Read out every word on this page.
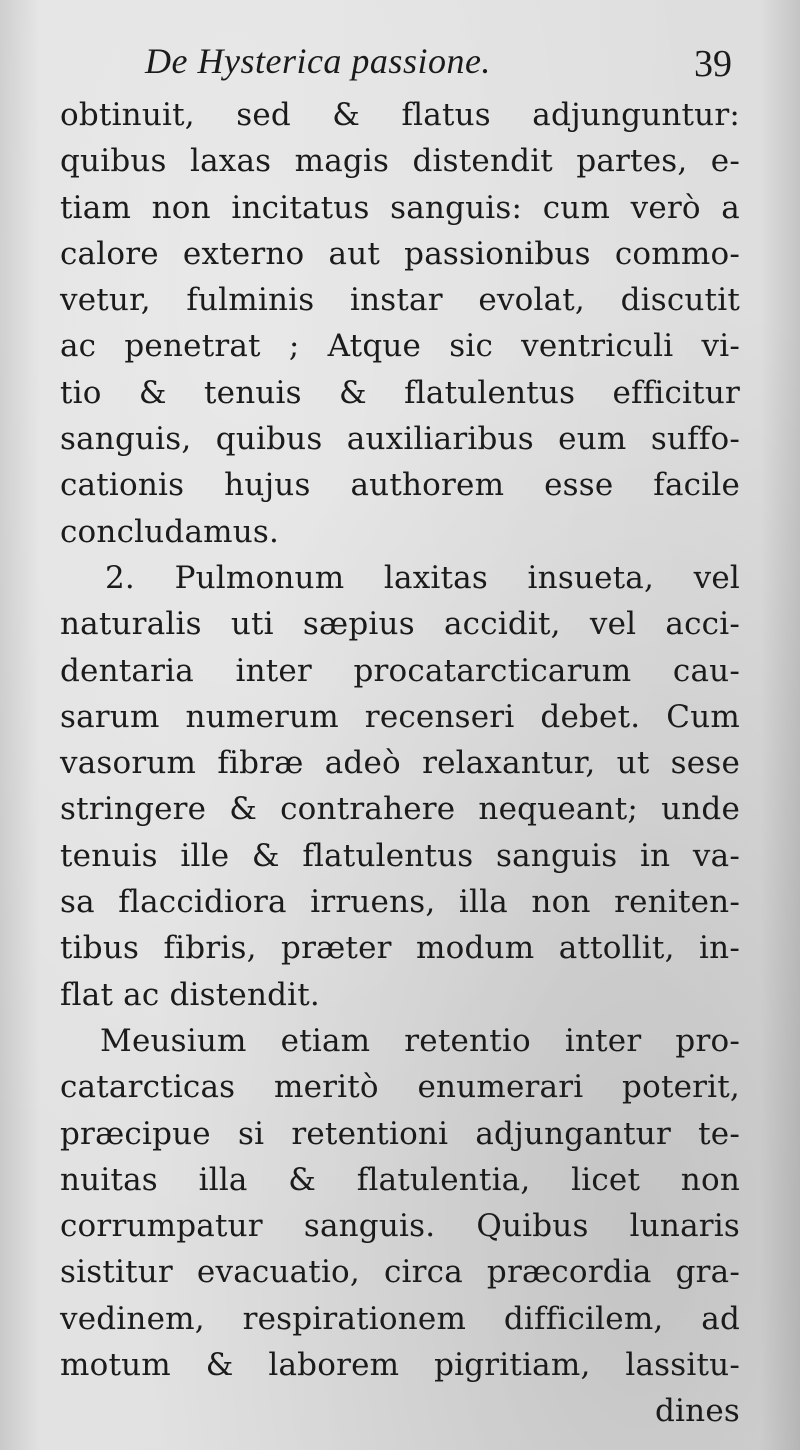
De Hysterica passione.	39
obtinuit, sed & flatus adjunguntur:
quibus laxas magis distendit partes, e-
tiam non incitatus sanguis: cum verò a
calore externo aut passionibus commo-
vetur, fulminis instar evolat, discutit
ac penetrat ; Atque sic ventriculi vi-
tio & tenuis & flatulentus efficitur
sanguis, quibus auxiliaribus eum suffo-
cationis hujus authorem esse facile
concludamus.
2. Pulmonum laxitas insueta, vel
naturalis uti sæpius accidit, vel acci-
dentaria inter procatarcticarum cau-
sarum numerum recenseri debet. Cum
vasorum fibræ adeò relaxantur, ut sese
stringere & contrahere nequeant; unde
tenuis ille & flatulentus sanguis in va-
sa flaccidiora irruens, illa non reniten-
tibus fibris, præter modum attollit, in-
flat ac distendit.
Meusium etiam retentio inter pro-
catarcticas meritò enumerari poterit,
præcipue si retentioni adjungantur te-
nuitas illa & flatulentia, licet non
corrumpatur sanguis. Quibus lunaris
sistitur evacuatio, circa præcordia gra-
vedinem, respirationem difficilem, ad
motum & laborem pigritiam, lassitu-
dines
